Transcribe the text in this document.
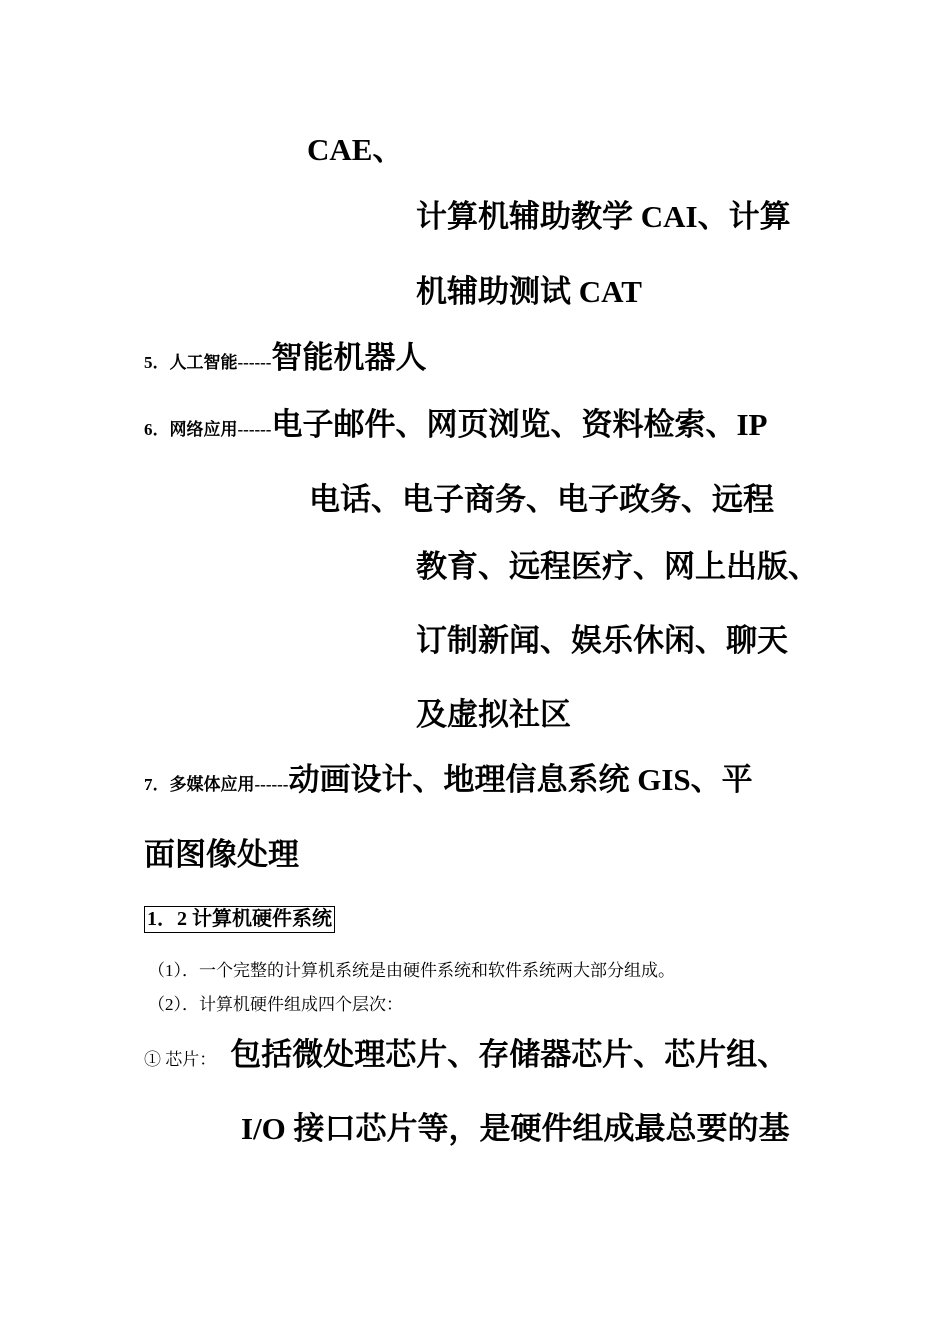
CAE、
计算机辅助教学 CAI、计算
机辅助测试 CAT
5．人工智能------智能机器人
6．网络应用------电子邮件、网页浏览、资料检索、IP
电话、电子商务、电子政务、远程
教育、远程医疗、网上出版、
订制新闻、娱乐休闲、聊天
及虚拟社区
7．多媒体应用------动画设计、地理信息系统 GIS、平
面图像处理
1．2 计算机硬件系统
（1）．一个完整的计算机系统是由硬件系统和软件系统两大部分组成。
（2）．计算机硬件组成四个层次：
① 芯片： 包括微处理芯片、存储器芯片、芯片组、
I/O 接口芯片等，是硬件组成最总要的基
